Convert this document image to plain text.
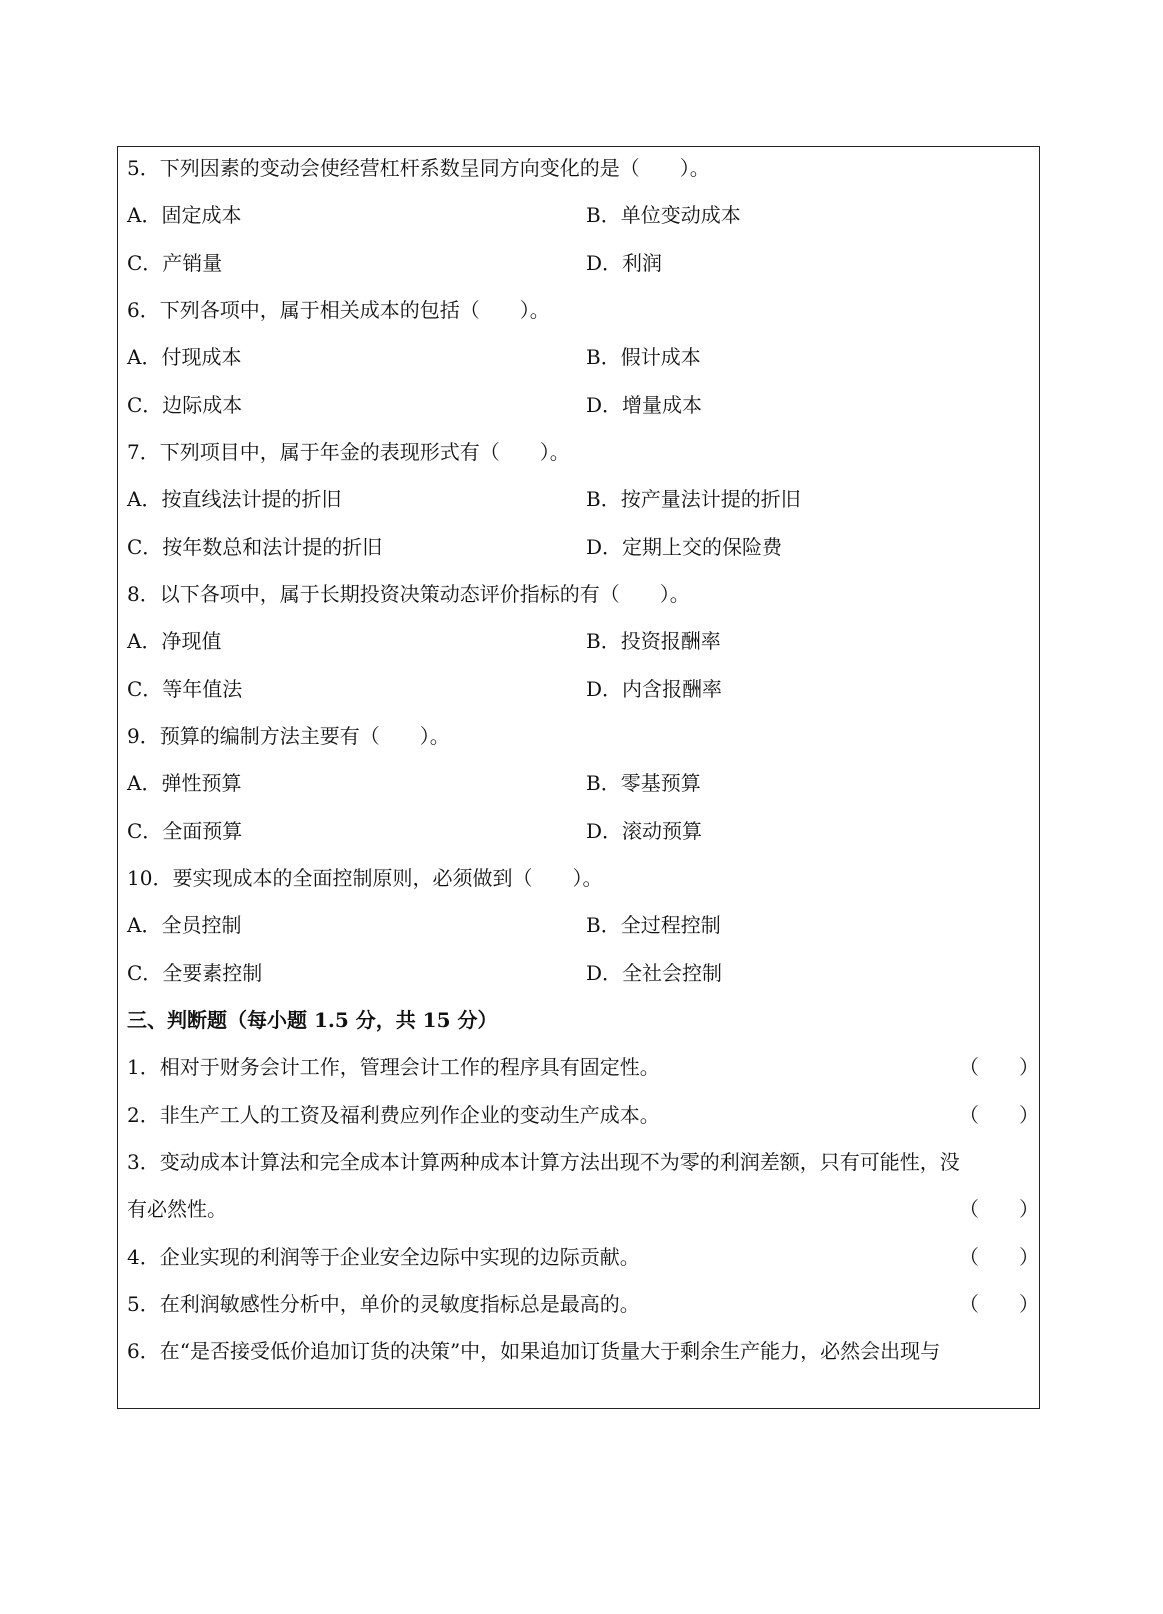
5．下列因素的变动会使经营杠杆系数呈同方向变化的是（　　）。
A．固定成本	B．单位变动成本
C．产销量	D．利润
6．下列各项中，属于相关成本的包括（　　）。
A．付现成本	B．假计成本
C．边际成本	D．增量成本
7．下列项目中，属于年金的表现形式有（　　）。
A．按直线法计提的折旧	B．按产量法计提的折旧
C．按年数总和法计提的折旧	D．定期上交的保险费
8．以下各项中，属于长期投资决策动态评价指标的有（　　）。
A．净现值	B．投资报酬率
C．等年值法	D．内含报酬率
9．预算的编制方法主要有（　　）。
A．弹性预算	B．零基预算
C．全面预算	D．滚动预算
10．要实现成本的全面控制原则，必须做到（　　）。
A．全员控制	B．全过程控制
C．全要素控制	D．全社会控制
三、判断题（每小题 1.5 分，共 15 分）
1．相对于财务会计工作，管理会计工作的程序具有固定性。	（　　）
2．非生产工人的工资及福利费应列作企业的变动生产成本。	（　　）
3．变动成本计算法和完全成本计算两种成本计算方法出现不为零的利润差额，只有可能性，没
有必然性。	（　　）
4．企业实现的利润等于企业安全边际中实现的边际贡献。	（　　）
5．在利润敏感性分析中，单价的灵敏度指标总是最高的。	（　　）
6．在“是否接受低价追加订货的决策”中，如果追加订货量大于剩余生产能力，必然会出现与
